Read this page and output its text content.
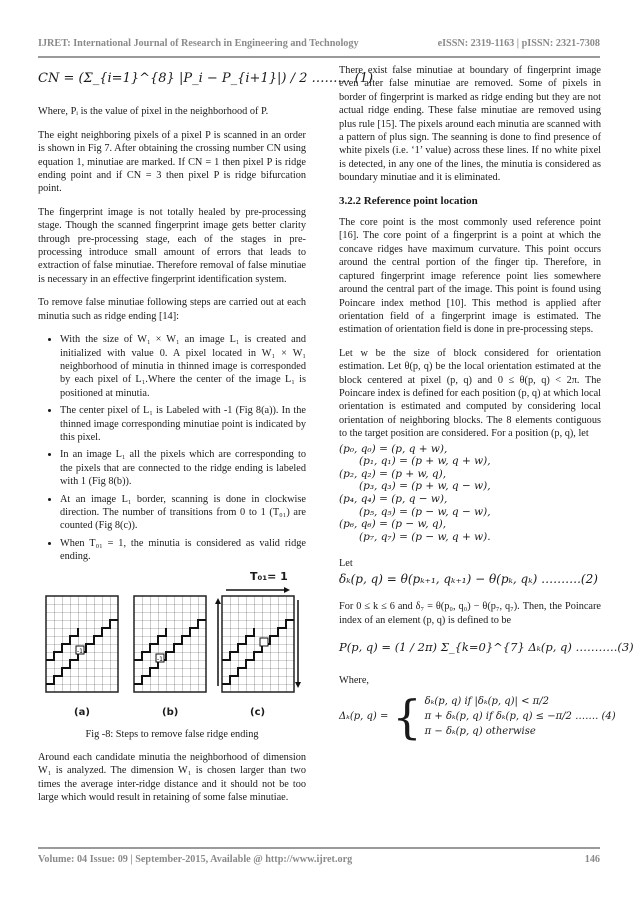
IJRET: International Journal of Research in Engineering and Technology	eISSN: 2319-1163 | pISSN: 2321-7308
CN = (Σ_{i=1}^{8} |P_i − P_{i+1}|) / 2 ……… (1)

Where, Pᵢ is the value of pixel in the neighborhood of P.

The eight neighboring pixels of a pixel P is scanned in an order is shown in Fig 7. After obtaining the crossing number CN using equation 1, minutiae are marked. If CN = 1 then pixel P is ridge ending point and if CN = 3 then pixel P is ridge bifurcation point.

The fingerprint image is not totally healed by pre-processing stage. Though the scanned fingerprint image gets better clarity through pre-processing stage, each of the stages in pre-processing introduce small amount of errors that leads to extraction of false minutiae. Therefore removal of false minutiae is necessary in an effective fingerprint identification system.

To remove false minutiae following steps are carried out at each minutia such as ridge ending [14]:

• With the size of W₁ × W₁ an image L₁ is created and initialized with value 0. A pixel located in W₁ × W₁ neighborhood of minutia in thinned image is corresponded by each pixel of L₁.Where the center of the image L₁ is positioned at minutia.
• The center pixel of L₁ is Labeled with -1 (Fig 8(a)). In the thinned image corresponding minutiae point is indicated by this pixel.
• In an image L₁ all the pixels which are corresponding to the pixels that are connected to the ridge ending is labeled with 1 (Fig 8(b)).
• At an image L₁ border, scanning is done in clockwise direction. The number of transitions from 0 to 1 (T₀₁) are counted (Fig 8(c)).
• When T₀₁ = 1, the minutia is considered as valid ridge ending.
-1
-1
T₀₁= 1
(a)	(b)	(c)
Fig -8: Steps to remove false ridge ending

Around each candidate minutia the neighborhood of dimension W₁ is analyzed. The dimension W₁ is chosen larger than two times the average inter-ridge distance and it should not be too large which would result in retaining of some false minutiae.

There exist false minutiae at boundary of fingerprint image even after false minutiae are removed. Some of pixels in border of fingerprint is marked as ridge ending but they are not actual ridge ending. These false minutiae are removed using plus rule [15]. The pixels around each minutia are scanned with a pattern of plus sign. The seanning is done to find presence of white pixels (i.e. ‘1’ value) across these lines. If no white pixel is detected, in any one of the lines, the minutia is considered as boundary minutiae and it is eliminated.

3.2.2 Reference point location

The core point is the most commonly used reference point [16]. The core point of a fingerprint is a point at which the concave ridges have maximum curvature. This point occurs around the central portion of the finger tip. Therefore, in captured fingerprint image reference point lies somewhere around the central part of the image. This point is found using Poincare index method [10]. This method is applied after orientation field of a fingerprint image is estimated. The estimation of orientation field is done in pre-processing steps.

Let w be the size of block considered for orientation estimation. Let θ(p, q) be the local orientation estimated at the block centered at pixel (p, q) and 0 ≤ θ(p, q) < 2π. The Poincare index is defined for each position (p, q) at which local orientation is estimated and computed by considering local orientation of neighboring blocks. The 8 elements contiguous to the target position are considered. For a position (p, q), let

(p₀, q₀) = (p, q + w),
(p₁, q₁) = (p + w, q + w),
(p₂, q₂) = (p + w, q),
(p₃, q₃) = (p + w, q − w),
(p₄, q₄) = (p, q − w),
(p₅, q₅) = (p − w, q − w),
(p₆, q₆) = (p − w, q),
(p₇, q₇) = (p − w, q + w).

Let

δₖ(p, q) = θ(pₖ₊₁, qₖ₊₁) − θ(pₖ, qₖ) ……….(2)

For 0 ≤ k ≤ 6 and δ₇ = θ(p₀, q₀) − θ(p₇, q₇). Then, the Poincare index of an element (p, q) is defined to be

P(p, q) = (1 / 2π) Σ_{k=0}^{7} Δₖ(p, q) ………..(3)

Where,

Δₖ(p, q) = { δₖ(p, q) if |δₖ(p, q)| < π/2
π + δₖ(p, q) if δₖ(p, q) ≤ −π/2 ……. (4)
π − δₖ(p, q) otherwise
Volume: 04 Issue: 09 | September-2015, Available @ http://www.ijret.org	146
